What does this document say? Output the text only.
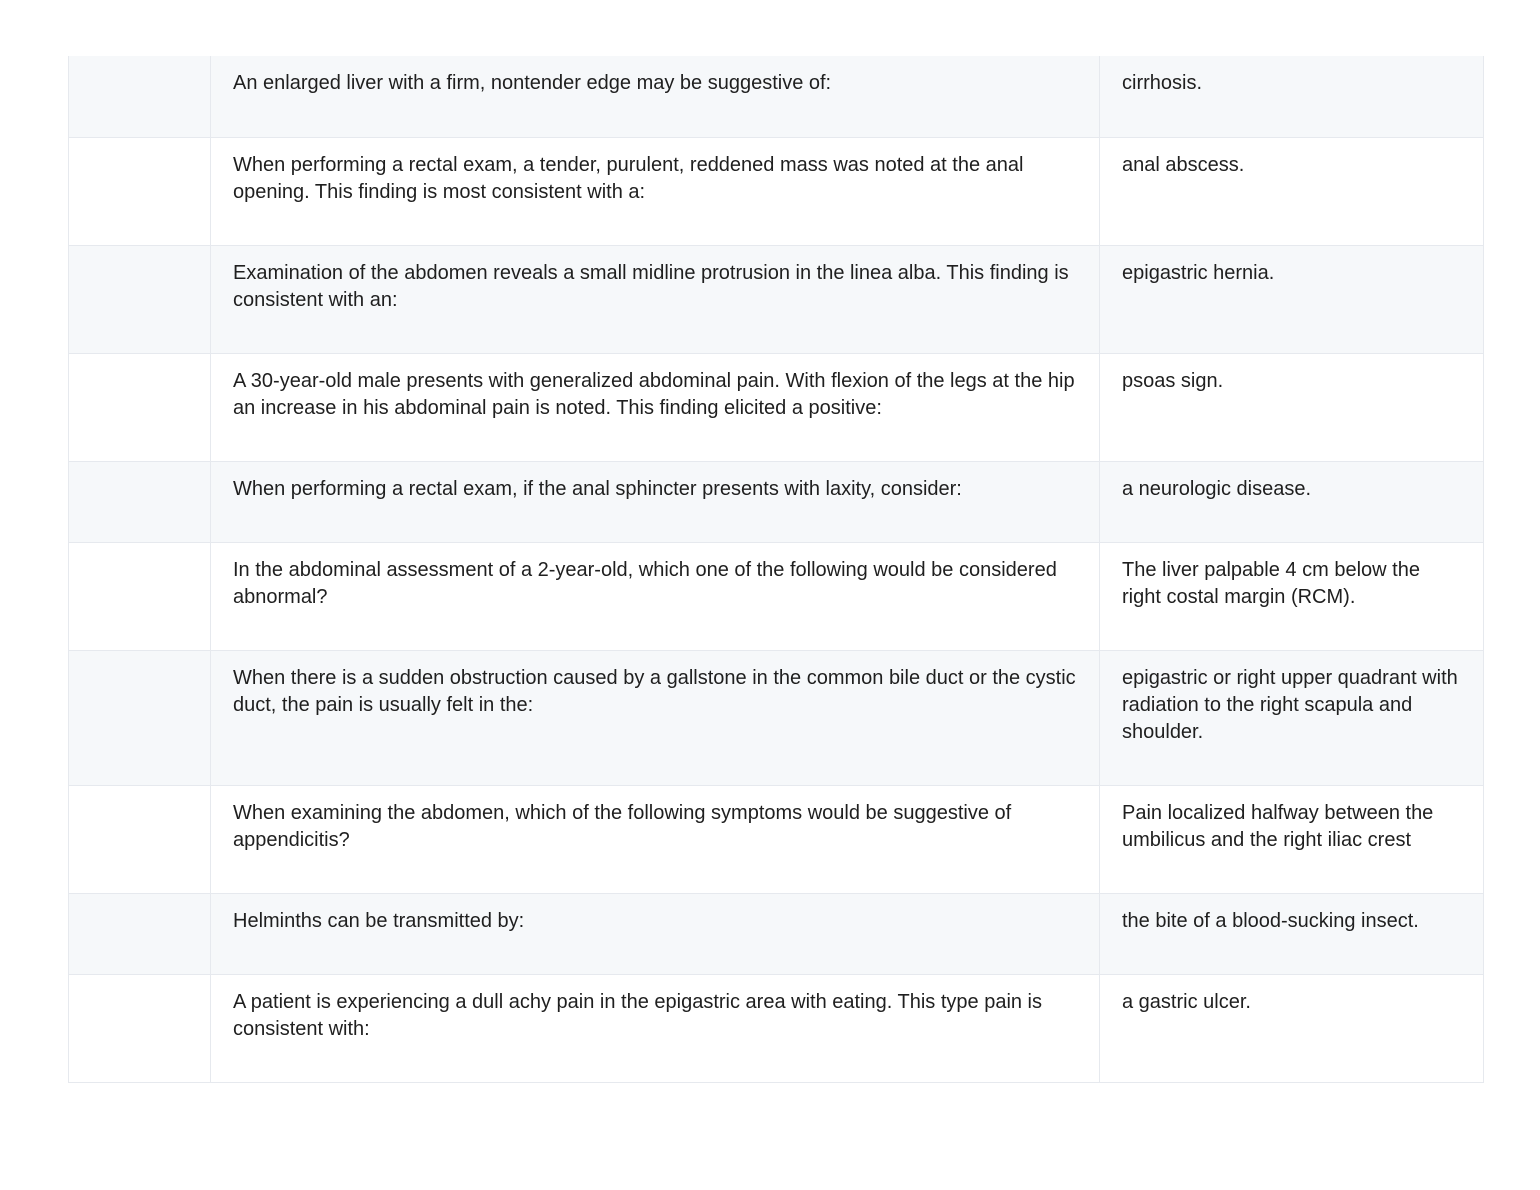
	An enlarged liver with a firm, nontender edge may be suggestive of:	cirrhosis.
	When performing a rectal exam, a tender, purulent, reddened mass was noted at the anal opening. This finding is most consistent with a:	anal abscess.
	Examination of the abdomen reveals a small midline protrusion in the linea alba. This finding is consistent with an:	epigastric hernia.
	A 30-year-old male presents with generalized abdominal pain. With flexion of the legs at the hip an increase in his abdominal pain is noted. This finding elicited a positive:	psoas sign.
	When performing a rectal exam, if the anal sphincter presents with laxity, consider:	a neurologic disease.
	In the abdominal assessment of a 2-year-old, which one of the following would be considered abnormal?	The liver palpable 4 cm below the right costal margin (RCM).
	When there is a sudden obstruction caused by a gallstone in the common bile duct or the cystic duct, the pain is usually felt in the:	epigastric or right upper quadrant with radiation to the right scapula and shoulder.
	When examining the abdomen, which of the following symptoms would be suggestive of appendicitis?	Pain localized halfway between the umbilicus and the right iliac crest
	Helminths can be transmitted by:	the bite of a blood-sucking insect.
	A patient is experiencing a dull achy pain in the epigastric area with eating. This type pain is consistent with:	a gastric ulcer.
